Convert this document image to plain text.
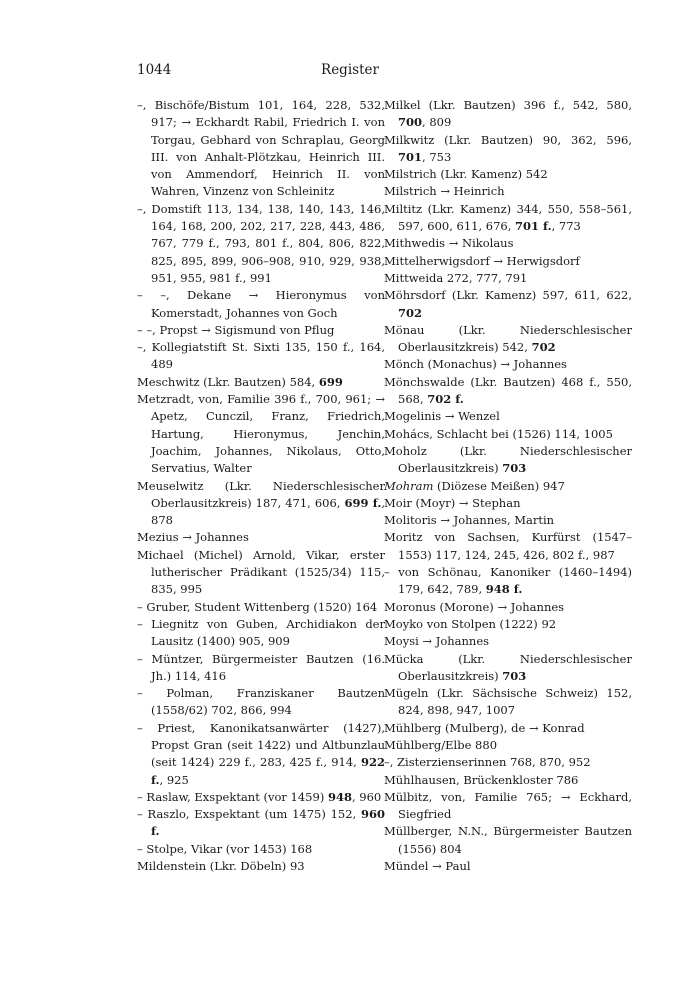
1044	Register
–, Bischöfe/Bistum 101, 164, 228, 532, 917; → Eckhardt Rabil, Friedrich I. von Torgau, Gebhard von Schraplau, Georg III. von Anhalt-Plötzkau, Heinrich III. von Ammendorf, Heinrich II. von Wahren, Vinzenz von Schleinitz
–, Domstift 113, 134, 138, 140, 143, 146, 164, 168, 200, 202, 217, 228, 443, 486, 767, 779 f., 793, 801 f., 804, 806, 822, 825, 895, 899, 906–908, 910, 929, 938, 951, 955, 981 f., 991
– –, Dekane → Hieronymus von Komerstadt, Johannes von Goch
– –, Propst → Sigismund von Pflug
–, Kollegiatstift St. Sixti 135, 150 f., 164, 489
Meschwitz (Lkr. Bautzen) 584, 699
Metzradt, von, Familie 396 f., 700, 961; → Apetz, Cunczil, Franz, Friedrich, Hartung, Hieronymus, Jenchin, Joachim, Johannes, Nikolaus, Otto, Servatius, Walter
Meuselwitz (Lkr. Niederschlesischer Oberlausitzkreis) 187, 471, 606, 699 f., 878
Mezius → Johannes
Michael (Michel) Arnold, Vikar, erster lutherischer Prädikant (1525/34) 115, 835, 995
– Gruber, Student Wittenberg (1520) 164
– Liegnitz von Guben, Archidiakon der Lausitz (1400) 905, 909
– Müntzer, Bürgermeister Bautzen (16. Jh.) 114, 416
– Polman, Franziskaner Bautzen (1558/62) 702, 866, 994
– Priest, Kanonikatsanwärter (1427), Propst Gran (seit 1422) und Altbunzlau (seit 1424) 229 f., 283, 425 f., 914, 922 f., 925
– Raslaw, Exspektant (vor 1459) 948, 960
– Raszlo, Exspektant (um 1475) 152, 960 f.
– Stolpe, Vikar (vor 1453) 168
Mildenstein (Lkr. Döbeln) 93
Milkel (Lkr. Bautzen) 396 f., 542, 580, 700, 809
Milkwitz (Lkr. Bautzen) 90, 362, 596, 701, 753
Milstrich (Lkr. Kamenz) 542
Milstrich → Heinrich
Miltitz (Lkr. Kamenz) 344, 550, 558–561, 597, 600, 611, 676, 701 f., 773
Mithwedis → Nikolaus
Mittelherwigsdorf → Herwigsdorf
Mittweida 272, 777, 791
Möhrsdorf (Lkr. Kamenz) 597, 611, 622, 702
Mönau (Lkr. Niederschlesischer Oberlausitzkreis) 542, 702
Mönch (Monachus) → Johannes
Mönchswalde (Lkr. Bautzen) 468 f., 550, 568, 702 f.
Mogelinis → Wenzel
Mohács, Schlacht bei (1526) 114, 1005
Moholz (Lkr. Niederschlesischer Oberlausitzkreis) 703
Mohram (Diözese Meißen) 947
Moir (Moyr) → Stephan
Molitoris → Johannes, Martin
Moritz von Sachsen, Kurfürst (1547–1553) 117, 124, 245, 426, 802 f., 987
– von Schönau, Kanoniker (1460–1494) 179, 642, 789, 948 f.
Moronus (Morone) → Johannes
Moyko von Stolpen (1222) 92
Moysi → Johannes
Mücka (Lkr. Niederschlesischer Oberlausitzkreis) 703
Mügeln (Lkr. Sächsische Schweiz) 152, 824, 898, 947, 1007
Mühlberg (Mulberg), de → Konrad
Mühlberg/Elbe 880
–, Zisterzienserinnen 768, 870, 952
Mühlhausen, Brückenkloster 786
Mülbitz, von, Familie 765; → Eckhard, Siegfried
Müllberger, N.N., Bürgermeister Bautzen (1556) 804
Mündel → Paul
